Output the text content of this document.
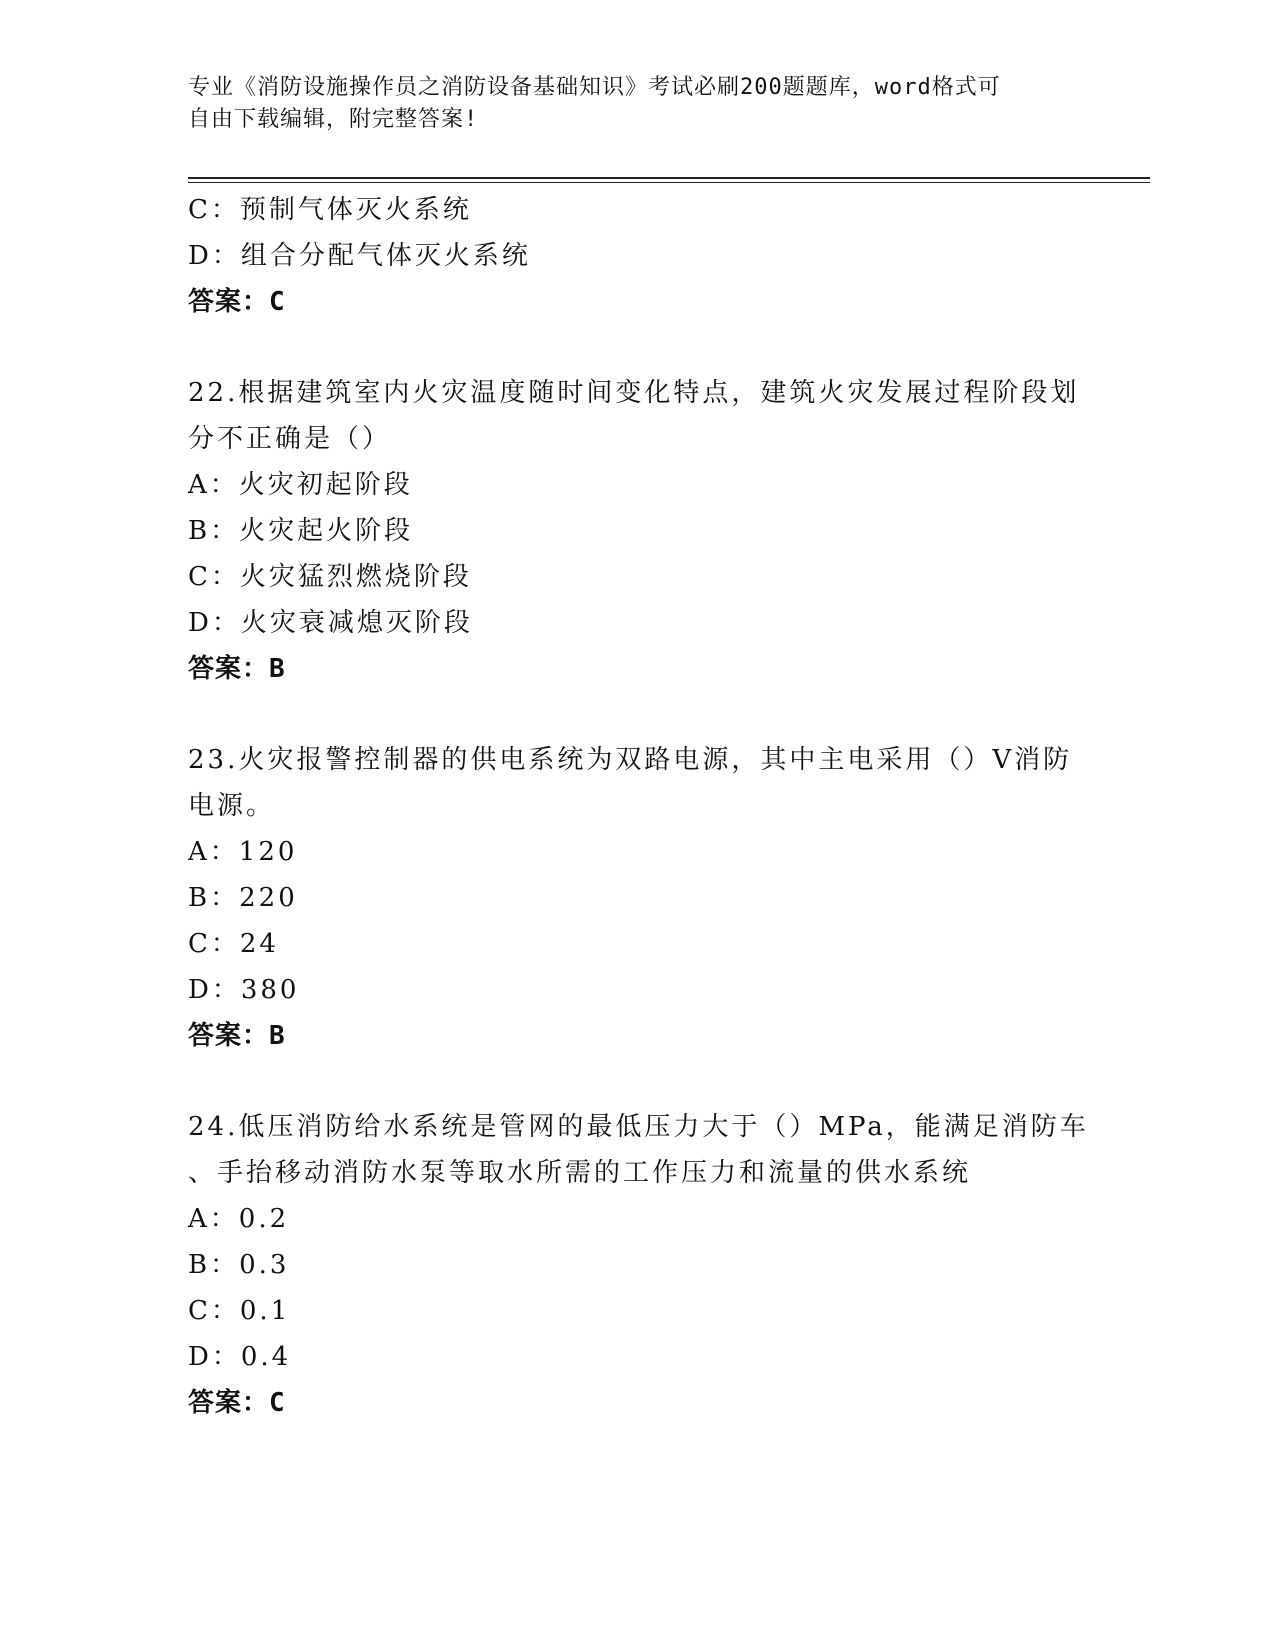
专业《消防设施操作员之消防设备基础知识》考试必刷200题题库，word格式可
自由下载编辑，附完整答案!
C：预制气体灭火系统
D：组合分配气体灭火系统
答案：C
22.根据建筑室内火灾温度随时间变化特点，建筑火灾发展过程阶段划
分不正确是（）
A：火灾初起阶段
B：火灾起火阶段
C：火灾猛烈燃烧阶段
D：火灾衰减熄灭阶段
答案：B
23.火灾报警控制器的供电系统为双路电源，其中主电采用（）V消防
电源。
A：120
B：220
C：24
D：380
答案：B
24.低压消防给水系统是管网的最低压力大于（）MPa，能满足消防车
、手抬移动消防水泵等取水所需的工作压力和流量的供水系统
A：0.2
B：0.3
C：0.1
D：0.4
答案：C
